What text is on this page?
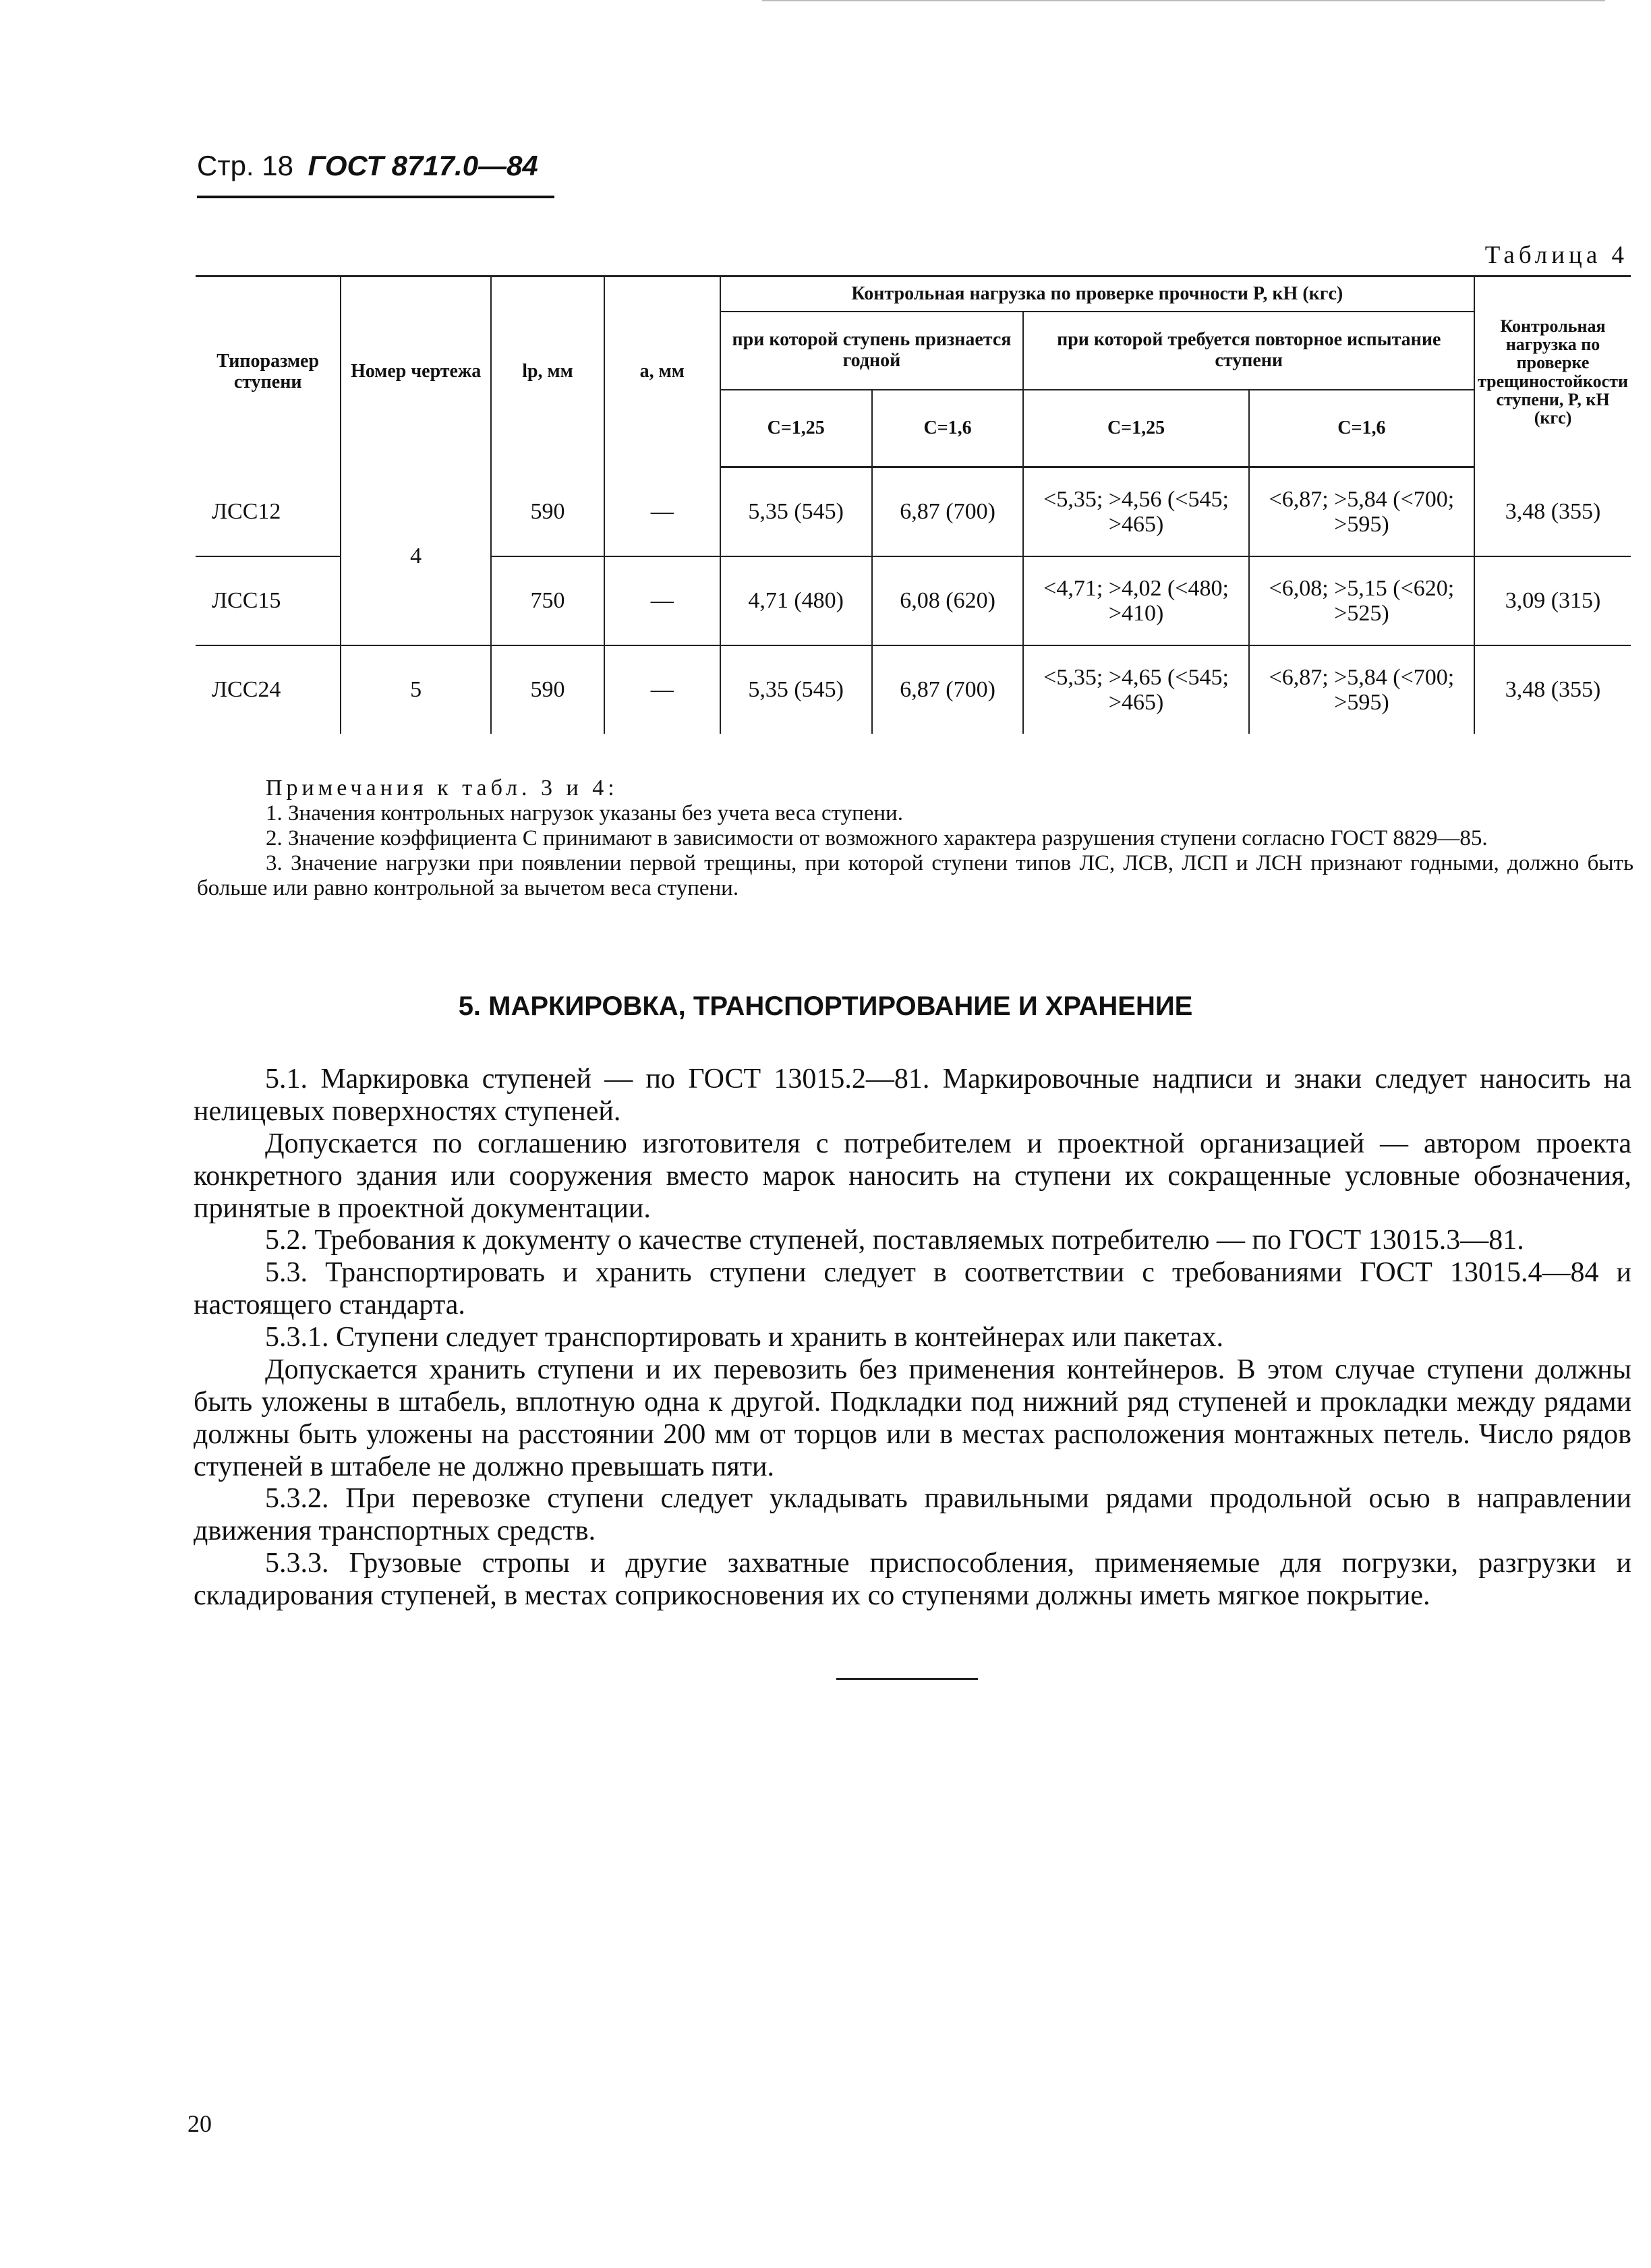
Стр. 18 ГОСТ 8717.0—84
Таблица 4
Типоразмер ступени	Номер чертежа	lр, мм	a, мм	Контрольная нагрузка по проверке прочности P, кН (кгс)				Контрольная нагрузка по проверке трещиностойкости ступени, P, кН (кгс)
				при которой ступень признается годной		при которой требуется повторное испытание ступени		
				С=1,25	С=1,6	С=1,25	С=1,6	
ЛСС12	4	590	—	5,35 (545)	6,87 (700)	<5,35; >4,56 (<545; >465)	<6,87; >5,84 (<700; >595)	3,48 (355)
ЛСС15		750	—	4,71 (480)	6,08 (620)	<4,71; >4,02 (<480; >410)	<6,08; >5,15 (<620; >525)	3,09 (315)
ЛСС24	5	590	—	5,35 (545)	6,87 (700)	<5,35; >4,65 (<545; >465)	<6,87; >5,84 (<700; >595)	3,48 (355)
Примечания к табл. 3 и 4:

1. Значения контрольных нагрузок указаны без учета веса ступени.

2. Значение коэффициента С принимают в зависимости от возможного характера разрушения ступени согласно ГОСТ 8829—85.

3. Значение нагрузки при появлении первой трещины, при которой ступени типов ЛС, ЛСВ, ЛСП и ЛСН признают годными, должно быть больше или равно контрольной за вычетом веса ступени.

5. МАРКИРОВКА, ТРАНСПОРТИРОВАНИЕ И ХРАНЕНИЕ

5.1. Маркировка ступеней — по ГОСТ 13015.2—81. Маркировочные надписи и знаки следует наносить на нелицевых поверхностях ступеней.

Допускается по соглашению изготовителя с потребителем и проектной организацией — автором проекта конкретного здания или сооружения вместо марок наносить на ступени их сокращенные условные обозначения, принятые в проектной документации.

5.2. Требования к документу о качестве ступеней, поставляемых потребителю — по ГОСТ 13015.3—81.

5.3. Транспортировать и хранить ступени следует в соответствии с требованиями ГОСТ 13015.4—84 и настоящего стандарта.

5.3.1. Ступени следует транспортировать и хранить в контейнерах или пакетах.

Допускается хранить ступени и их перевозить без применения контейнеров. В этом случае ступени должны быть уложены в штабель, вплотную одна к другой. Подкладки под нижний ряд ступеней и прокладки между рядами должны быть уложены на расстоянии 200 мм от торцов или в местах расположения монтажных петель. Число рядов ступеней в штабеле не должно превышать пяти.

5.3.2. При перевозке ступени следует укладывать правильными рядами продольной осью в направлении движения транспортных средств.

5.3.3. Грузовые стропы и другие захватные приспособления, применяемые для погрузки, разгрузки и складирования ступеней, в местах соприкосновения их со ступенями должны иметь мягкое покрытие.

20
